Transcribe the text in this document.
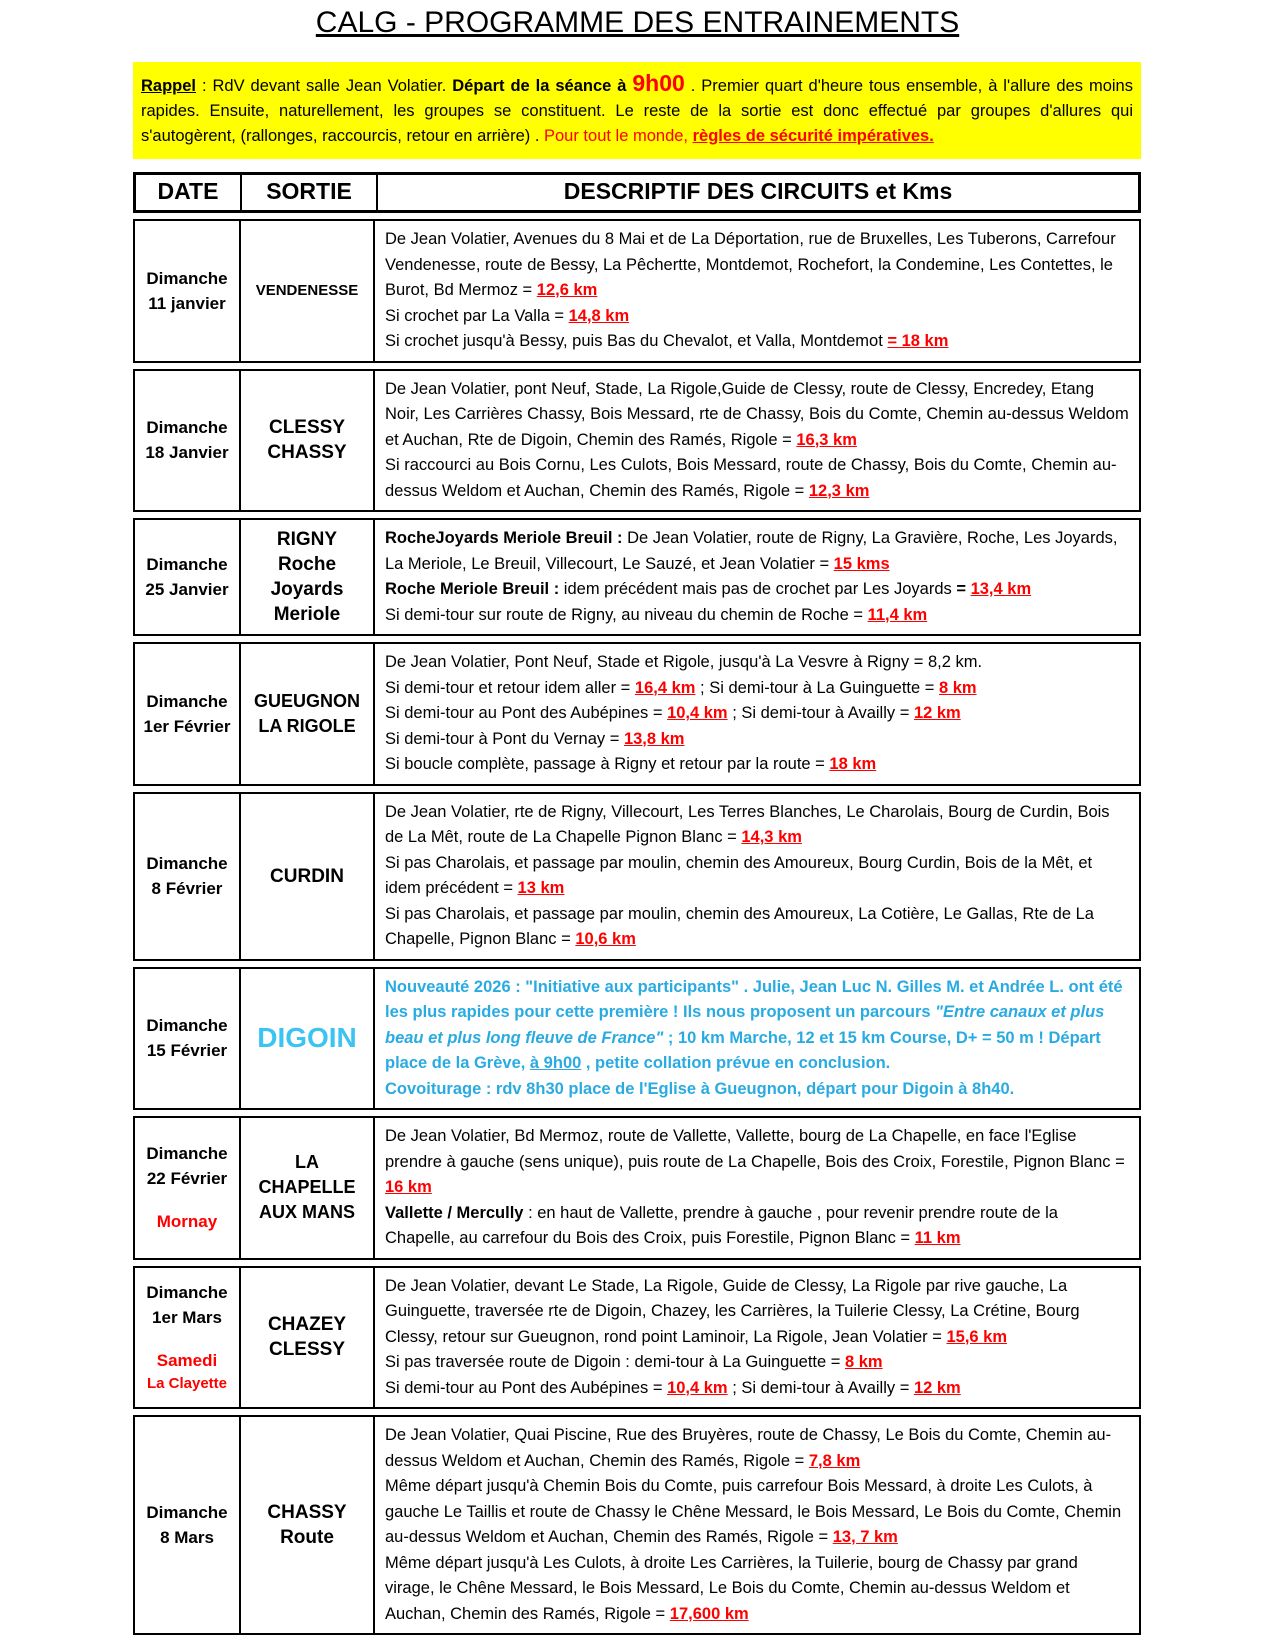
CALG - PROGRAMME DES ENTRAINEMENTS
Rappel : RdV devant salle Jean Volatier. Départ de la séance à 9h00 . Premier quart d'heure tous ensemble, à l'allure des moins rapides. Ensuite, naturellement, les groupes se constituent. Le reste de la sortie est donc effectué par groupes d'allures qui s'autogèrent, (rallonges, raccourcis, retour en arrière) . Pour tout le monde, règles de sécurité impératives.
DATE	SORTIE	DESCRIPTIF DES CIRCUITS et Kms
Dimanche
11 janvier
VENDENESSE

De Jean Volatier, Avenues du 8 Mai et de La Déportation, rue de Bruxelles, Les Tuberons, Carrefour Vendenesse, route de Bessy, La Pêchertte, Montdemot, Rochefort, la Condemine, Les Contettes, le Burot, Bd Mermoz = 12,6 km

Si crochet par La Valla = 14,8 km

Si crochet jusqu'à Bessy, puis Bas du Chevalot, et Valla, Montdemot = 18 km

Dimanche
18 Janvier
CLESSY
CHASSY

De Jean Volatier, pont Neuf, Stade, La Rigole,Guide de Clessy, route de Clessy, Encredey, Etang Noir, Les Carrières Chassy, Bois Messard, rte de Chassy, Bois du Comte, Chemin au-dessus Weldom et Auchan, Rte de Digoin, Chemin des Ramés, Rigole = 16,3 km

Si raccourci au Bois Cornu, Les Culots, Bois Messard, route de Chassy, Bois du Comte, Chemin au-dessus Weldom et Auchan, Chemin des Ramés, Rigole = 12,3 km

Dimanche
25 Janvier
RIGNY
Roche
Joyards
Meriole

RocheJoyards Meriole Breuil : De Jean Volatier, route de Rigny, La Gravière, Roche, Les Joyards, La Meriole, Le Breuil, Villecourt, Le Sauzé, et Jean Volatier = 15 kms

Roche Meriole Breuil : idem précédent mais pas de crochet par Les Joyards = 13,4 km

Si demi-tour sur route de Rigny, au niveau du chemin de Roche = 11,4 km

Dimanche
1er Février
GUEUGNON
LA RIGOLE

De Jean Volatier, Pont Neuf, Stade et Rigole, jusqu'à La Vesvre à Rigny = 8,2 km.

Si demi-tour et retour idem aller = 16,4 km ; Si demi-tour à La Guinguette = 8 km

Si demi-tour au Pont des Aubépines = 10,4 km ; Si demi-tour à Availly = 12 km

Si demi-tour à Pont du Vernay = 13,8 km

Si boucle complète, passage à Rigny et retour par la route = 18 km

Dimanche
8 Février
CURDIN

De Jean Volatier, rte de Rigny, Villecourt, Les Terres Blanches, Le Charolais, Bourg de Curdin, Bois de La Mêt, route de La Chapelle Pignon Blanc = 14,3 km

Si pas Charolais, et passage par moulin, chemin des Amoureux, Bourg Curdin, Bois de la Mêt, et idem précédent = 13 km

Si pas Charolais, et passage par moulin, chemin des Amoureux, La Cotière, Le Gallas, Rte de La Chapelle, Pignon Blanc = 10,6 km

Dimanche
15 Février DIGOIN

Nouveauté 2026 : "Initiative aux participants" . Julie, Jean Luc N. Gilles M. et Andrée L. ont été les plus rapides pour cette première ! Ils nous proposent un parcours "Entre canaux et plus beau et plus long fleuve de France" ; 10 km Marche, 12 et 15 km Course, D+ = 50 m ! Départ place de la Grève, à 9h00 , petite collation prévue en conclusion.

Covoiturage : rdv 8h30 place de l'Eglise à Gueugnon, départ pour Digoin à 8h40.

Dimanche
22 Février
Mornay
LA
CHAPELLE
AUX MANS

De Jean Volatier, Bd Mermoz, route de Vallette, Vallette, bourg de La Chapelle, en face l'Eglise prendre à gauche (sens unique), puis route de La Chapelle, Bois des Croix, Forestile, Pignon Blanc = 16 km

Vallette / Mercully : en haut de Vallette, prendre à gauche , pour revenir prendre route de la Chapelle, au carrefour du Bois des Croix, puis Forestile, Pignon Blanc = 11 km

Dimanche
1er Mars
Samedi
La Clayette
CHAZEY
CLESSY

De Jean Volatier, devant Le Stade, La Rigole, Guide de Clessy, La Rigole par rive gauche, La Guinguette, traversée rte de Digoin, Chazey, les Carrières, la Tuilerie Clessy, La Crétine, Bourg Clessy, retour sur Gueugnon, rond point Laminoir, La Rigole, Jean Volatier = 15,6 km

Si pas traversée route de Digoin : demi-tour à La Guinguette = 8 km

Si demi-tour au Pont des Aubépines = 10,4 km ; Si demi-tour à Availly = 12 km

Dimanche
8 Mars
CHASSY
Route

De Jean Volatier, Quai Piscine, Rue des Bruyères, route de Chassy, Le Bois du Comte, Chemin au-dessus Weldom et Auchan, Chemin des Ramés, Rigole = 7,8 km

Même départ jusqu'à Chemin Bois du Comte, puis carrefour Bois Messard, à droite Les Culots, à gauche Le Taillis et route de Chassy le Chêne Messard, le Bois Messard, Le Bois du Comte, Chemin au-dessus Weldom et Auchan, Chemin des Ramés, Rigole = 13, 7 km

Même départ jusqu'à Les Culots, à droite Les Carrières, la Tuilerie, bourg de Chassy par grand virage, le Chêne Messard, le Bois Messard, Le Bois du Comte, Chemin au-dessus Weldom et Auchan, Chemin des Ramés, Rigole = 17,600 km
